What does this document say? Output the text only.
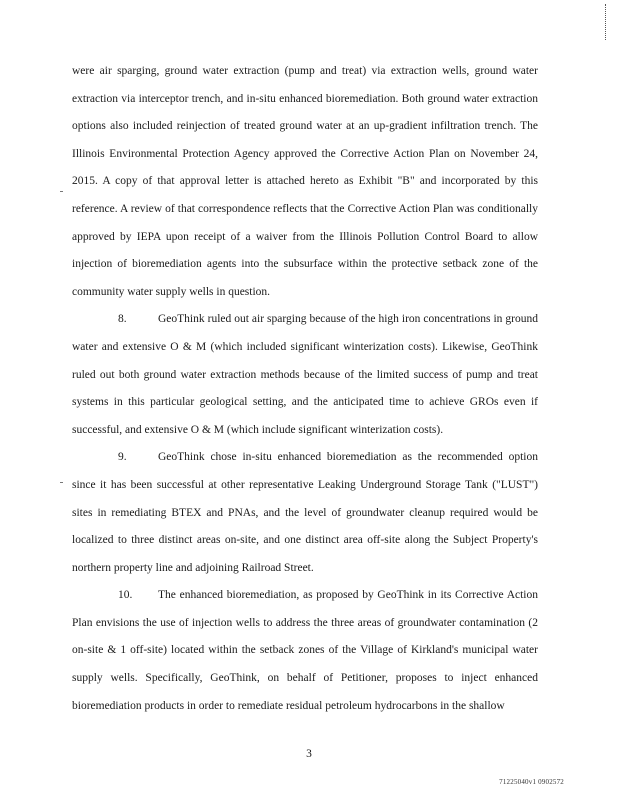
were air sparging, ground water extraction (pump and treat) via extraction wells, ground water extraction via interceptor trench, and in-situ enhanced bioremediation. Both ground water extraction options also included reinjection of treated ground water at an up-gradient infiltration trench. The Illinois Environmental Protection Agency approved the Corrective Action Plan on November 24, 2015. A copy of that approval letter is attached hereto as Exhibit "B" and incorporated by this reference. A review of that correspondence reflects that the Corrective Action Plan was conditionally approved by IEPA upon receipt of a waiver from the Illinois Pollution Control Board to allow injection of bioremediation agents into the subsurface within the protective setback zone of the community water supply wells in question.

8.	GeoThink ruled out air sparging because of the high iron concentrations in ground water and extensive O & M (which included significant winterization costs). Likewise, GeoThink ruled out both ground water extraction methods because of the limited success of pump and treat systems in this particular geological setting, and the anticipated time to achieve GROs even if successful, and extensive O & M (which include significant winterization costs).

9.	GeoThink chose in-situ enhanced bioremediation as the recommended option since it has been successful at other representative Leaking Underground Storage Tank ("LUST") sites in remediating BTEX and PNAs, and the level of groundwater cleanup required would be localized to three distinct areas on-site, and one distinct area off-site along the Subject Property's northern property line and adjoining Railroad Street.

10. The enhanced bioremediation, as proposed by GeoThink in its Corrective Action Plan envisions the use of injection wells to address the three areas of groundwater contamination (2 on-site & 1 off-site) located within the setback zones of the Village of Kirkland's municipal water supply wells. Specifically, GeoThink, on behalf of Petitioner, proposes to inject enhanced bioremediation products in order to remediate residual petroleum hydrocarbons in the shallow

3
71225040v1 0902572
